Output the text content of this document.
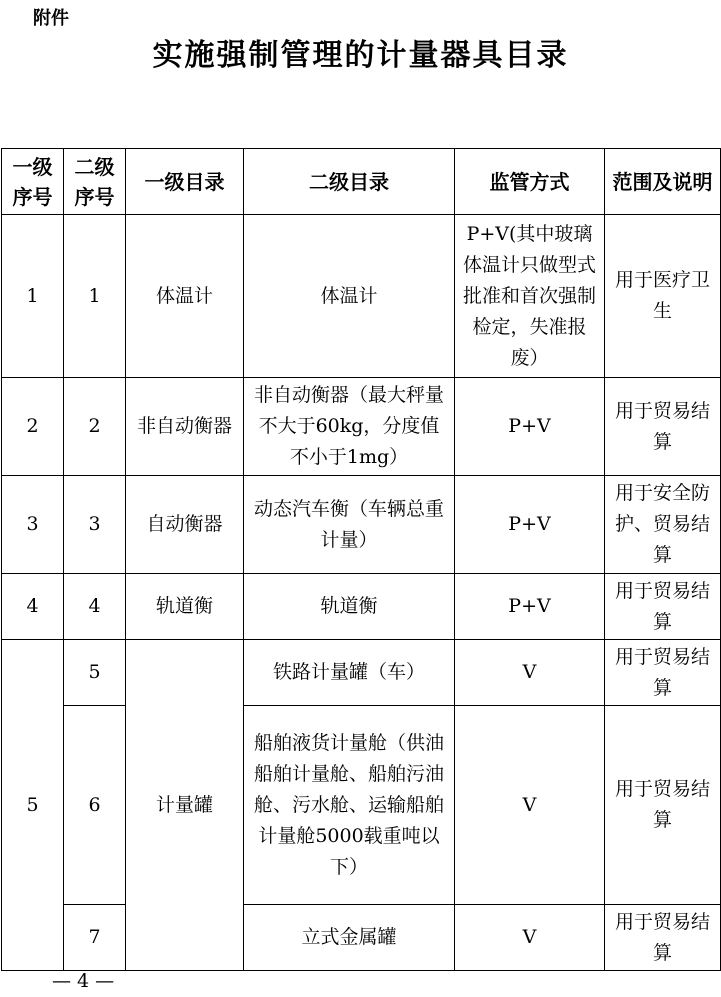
附件
实施强制管理的计量器具目录
一级序号	二级序号	一级目录	二级目录	监管方式	范围及说明
1	1	体温计	体温计	P+V(其中玻璃体温计只做型式批准和首次强制检定，失准报废）	用于医疗卫生
2	2	非自动衡器	非自动衡器（最大秤量不大于60kg，分度值不小于1mg）	P+V	用于贸易结算
3	3	自动衡器	动态汽车衡（车辆总重计量）	P+V	用于安全防护、贸易结算
4	4	轨道衡	轨道衡	P+V	用于贸易结算
5	5	计量罐	铁路计量罐（车）	V	用于贸易结算
	6		船舶液货计量舱（供油船舶计量舱、船舶污油舱、污水舱、运输船舶计量舱5000载重吨以下）	V	用于贸易结算
	7		立式金属罐	V	用于贸易结算
— 4 —
